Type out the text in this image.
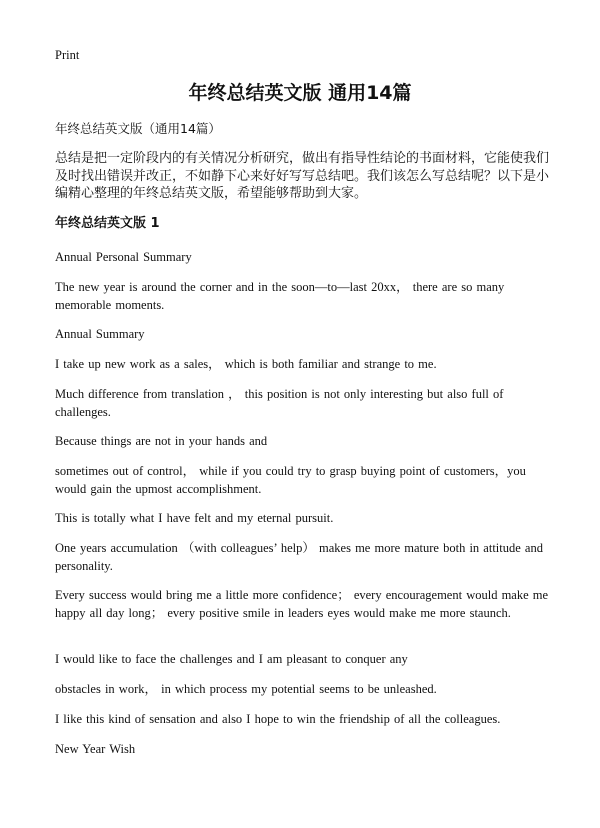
Print
年终总结英文版 通用14篇
年终总结英文版（通用14篇）

总结是把一定阶段内的有关情况分析研究，做出有指导性结论的书面材料，它能使我们及时找出错误并改正，不如静下心来好好写写总结吧。我们该怎么写总结呢？以下是小编精心整理的年终总结英文版，希望能够帮助到大家。

年终总结英文版 1

Annual Personal Summary

The new year is around the corner and in the soon—to—last 20xx， there are so many memorable moments.

Annual Summary

I take up new work as a sales， which is both familiar and strange to me.

Much difference from translation ， this position is not only interesting but also full of challenges.

Because things are not in your hands and

sometimes out of control， while if you could try to grasp buying point of customers，you would gain the upmost accomplishment.

This is totally what I have felt and my eternal pursuit.

One years accumulation （with colleagues’ help） makes me more mature both in attitude and personality.

Every success would bring me a little more confidence； every encouragement would make me happy all day long； every positive smile in leaders eyes would make me more staunch.

I would like to face the challenges and I am pleasant to conquer any

obstacles in work， in which process my potential seems to be unleashed.

I like this kind of sensation and also I hope to win the friendship of all the colleagues.

New Year Wish
